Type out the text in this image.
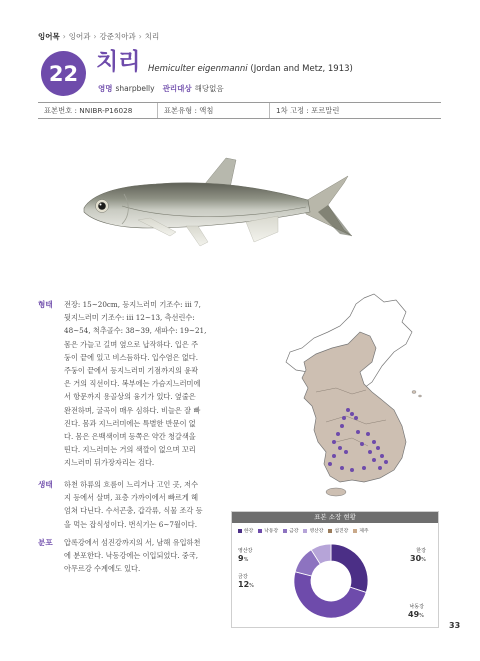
잉어목 › 잉어과 › 강준치아과 › 치리
22 치리 Hemiculter eigenmanni (Jordan and Metz, 1913)
영명 sharpbelly 관리대상 해당없음
표본번호 : NNIBR-P16028	표본유형 : 액침	1차 고정 : 포르말린
형태 전장: 15~20cm, 등지느러미 기조수: iii 7,
뒷지느러미 기조수: iii 12~13, 측선린수:
48~54, 척추골수: 38~39, 새파수: 19~21,
몸은 가늘고 길며 옆으로 납작하다. 입은 주
둥이 끝에 있고 비스듬하다. 입수염은 없다.
주둥이 끝에서 등지느러미 기점까지의 윤곽
은 거의 직선이다. 복부에는 가슴지느러미에
서 항문까지 용골상의 융기가 있다. 옆줄은
완전하며, 굴곡이 매우 심하다. 비늘은 잘 빠
진다. 몸과 지느러미에는 특별한 반문이 없
다. 몸은 은백색이며 등쪽은 약간 청갈색을
띤다. 지느러미는 거의 색깔이 없으며 꼬리
지느러미 뒤가장자리는 검다.
생태 하천 하류의 흐름이 느리거나 고인 곳, 저수
지 등에서 살며, 표층 가까이에서 빠르게 헤
엄쳐 다닌다. 수서곤충, 갑각류, 식물 조각 등
을 먹는 잡식성이다. 번식기는 6~7월이다.
분포 압록강에서 섬진강까지의 서, 남해 유입하천
에 분포한다. 낙동강에는 이입되었다. 중국,
아무르강 수계에도 있다.
표본 소장 현황
한강 낙동강 금강 영산강 섬진강 제주
영산강
9%
금강
12%
한강
30%
낙동강
49%
33
